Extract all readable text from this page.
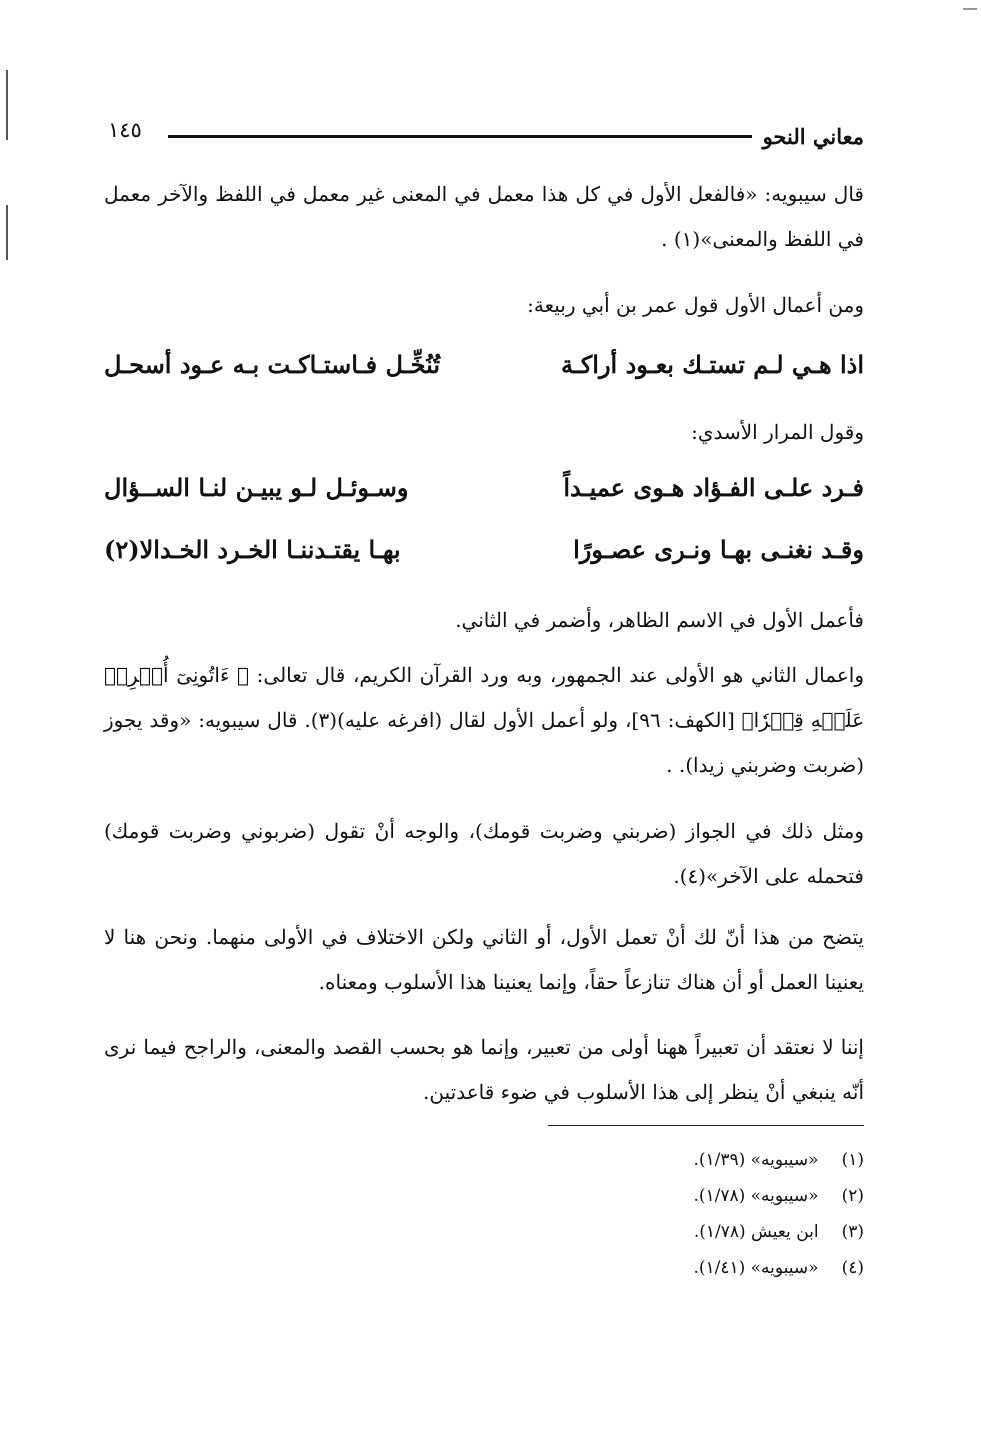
معاني النحو
١٤٥
قال سيبويه: «فالفعل الأول في كل هذا معمل في المعنى غير معمل في اللفظ والآخر معمل في اللفظ والمعنى»(١) .
ومن أعمال الأول قول عمر بن أبي ربيعة:
اذا هـي لـم تستـك بعـود أراكـة
تُنُخِّـل فـاستـاكـت بـه عـود أسحـل
وقول المرار الأسدي:
فـرد علـى الفـؤاد هـوى عميـداً
وسـوئـل لـو يبيـن لنـا الســؤال
وقـد نغنـى بهـا ونـرى عصـورًا
بهـا يقتـدننـا الخـرد الخـدالا(٢)
فأعمل الأول في الاسم الظاهر، وأضمر في الثاني.
واعمال الثاني هو الأولى عند الجمهور، وبه ورد القرآن الكريم، قال تعالى: ﴿ ءَاتُونِىٓ أُفۡرِغۡ عَلَيۡهِ قِطۡرٗا﴾ [الكهف: ٩٦]، ولو أعمل الأول لقال (افرغه عليه)(٣). قال سيبويه: «وقد يجوز (ضربت وضربني زيدا). .
ومثل ذلك في الجواز (ضربني وضربت قومك)، والوجه أنْ تقول (ضربوني وضربت قومك) فتحمله على الآخر»(٤).
يتضح من هذا أنّ لك أنْ تعمل الأول، أو الثاني ولكن الاختلاف في الأولى منهما. ونحن هنا لا يعنينا العمل أو أن هناك تنازعاً حقاً، وإنما يعنينا هذا الأسلوب ومعناه.
إننا لا نعتقد أن تعبيراً ههنا أولى من تعبير، وإنما هو بحسب القصد والمعنى، والراجح فيما نرى أنّه ينبغي أنْ ينظر إلى هذا الأسلوب في ضوء قاعدتين.
(١) «سيبويه» (١/٣٩).
(٢) «سيبويه» (١/٧٨).
(٣) ابن يعيش (١/٧٨).
(٤) «سيبويه» (١/٤١).
